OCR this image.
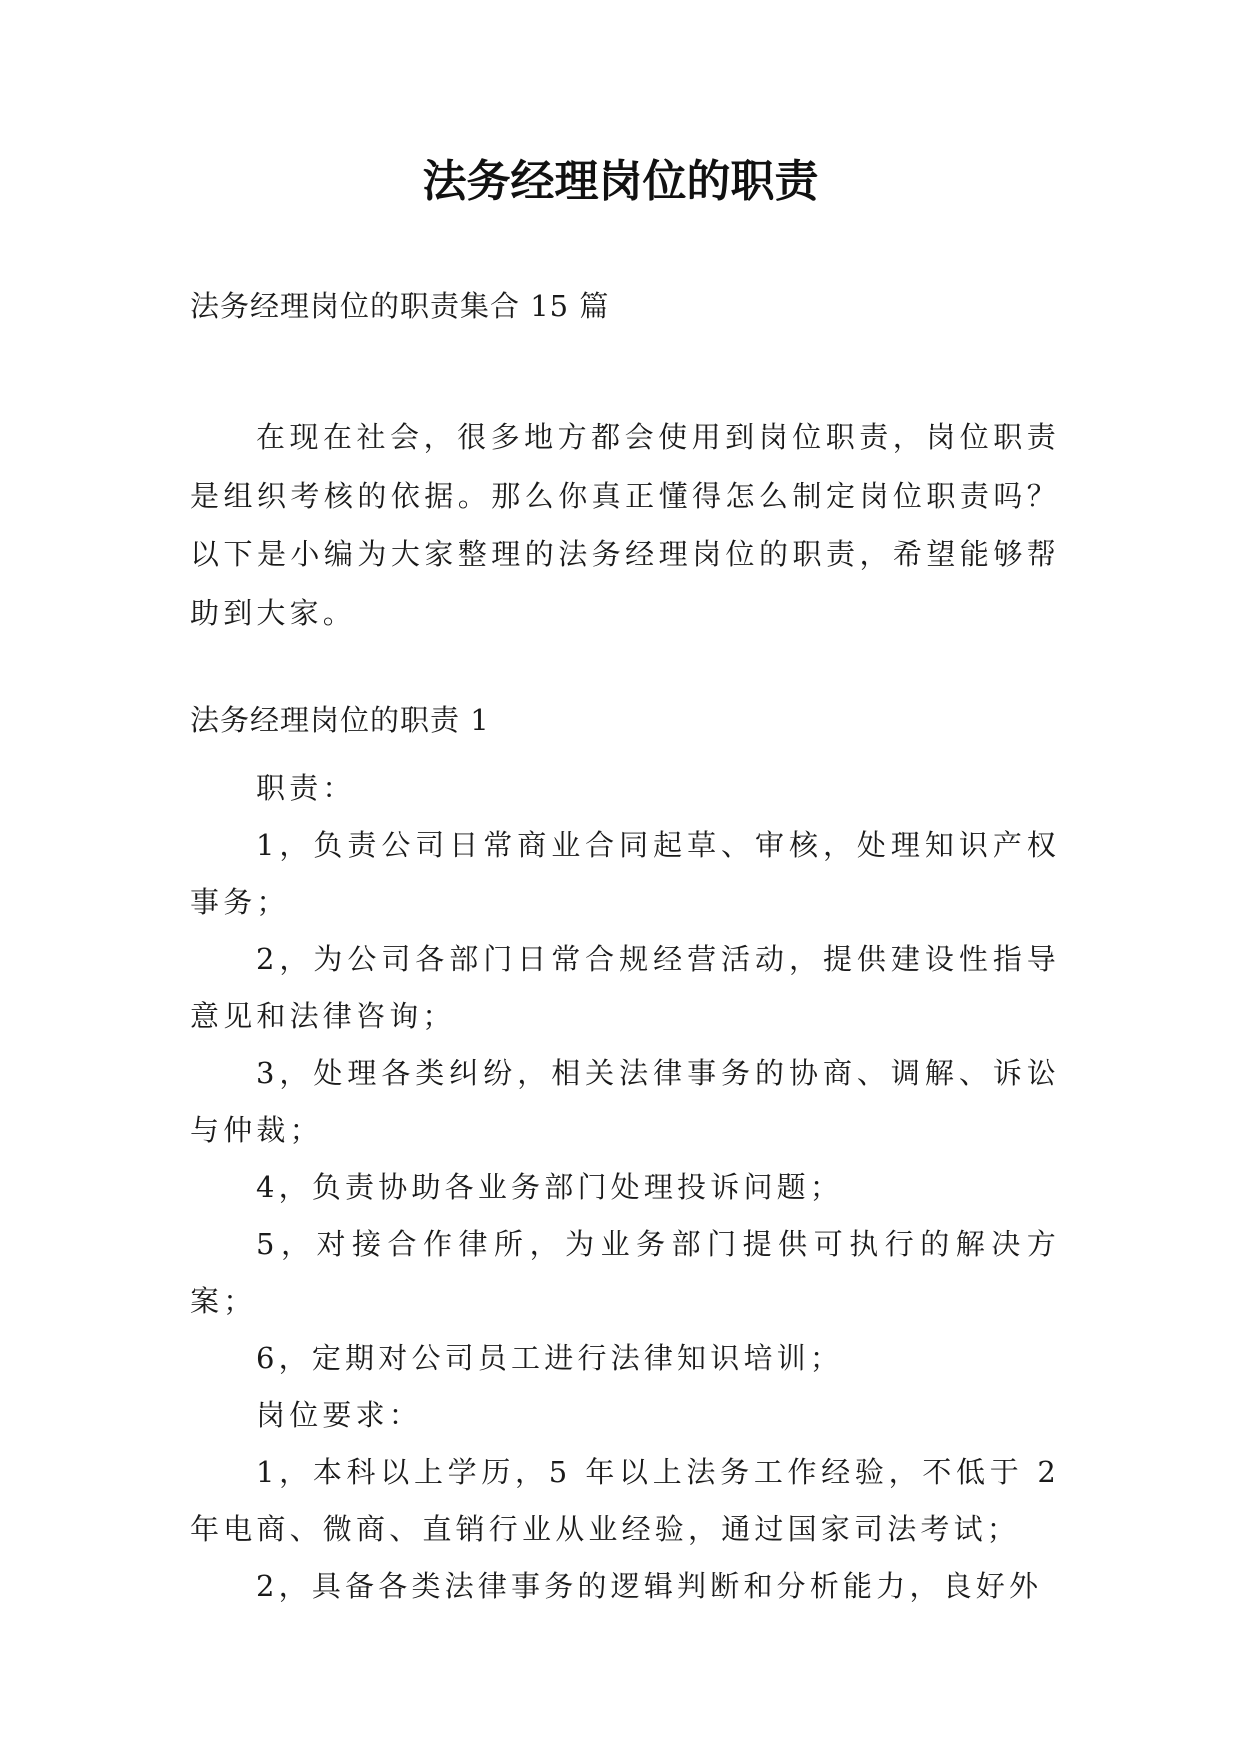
法务经理岗位的职责

法务经理岗位的职责集合 15 篇

在现在社会，很多地方都会使用到岗位职责，岗位职责是组织考核的依据。那么你真正懂得怎么制定岗位职责吗？以下是小编为大家整理的法务经理岗位的职责，希望能够帮助到大家。

法务经理岗位的职责 1

职责：

1，负责公司日常商业合同起草、审核，处理知识产权事务；

2，为公司各部门日常合规经营活动，提供建设性指导意见和法律咨询；

3，处理各类纠纷，相关法律事务的协商、调解、诉讼与仲裁；

4，负责协助各业务部门处理投诉问题；

5，对接合作律所，为业务部门提供可执行的解决方案；

6，定期对公司员工进行法律知识培训；

岗位要求：

1，本科以上学历，5 年以上法务工作经验，不低于 2 年电商、微商、直销行业从业经验，通过国家司法考试；

2，具备各类法律事务的逻辑判断和分析能力，良好外
